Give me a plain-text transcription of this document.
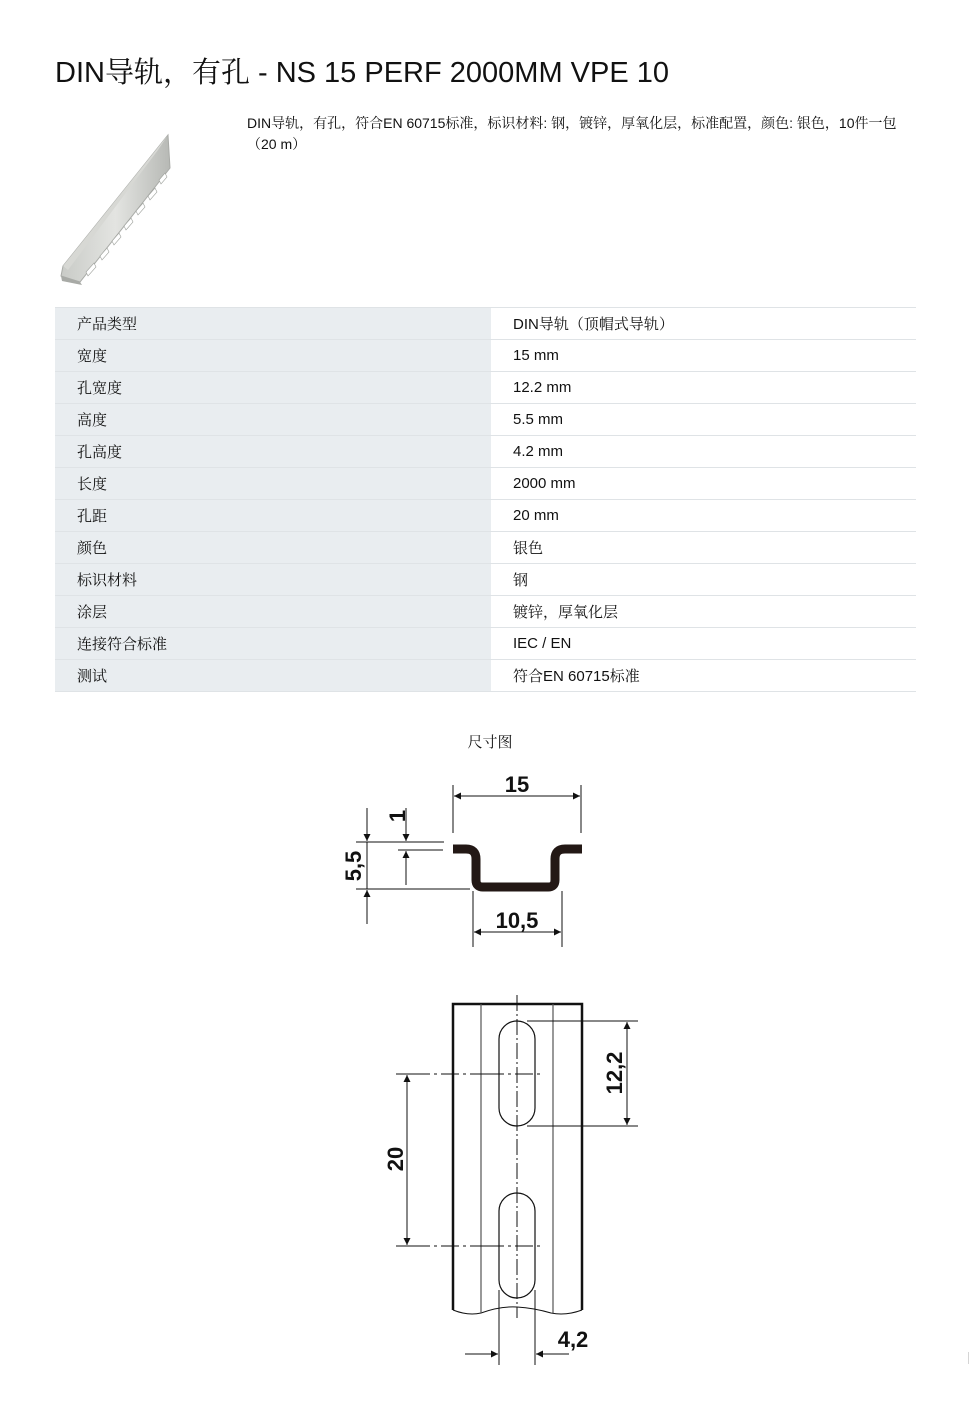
DIN导轨，有孔 - NS 15 PERF 2000MM VPE 10
DIN导轨，有孔，符合EN 60715标准，标识材料: 钢，镀锌，厚氧化层，标准配置，颜色: 银色，10件一包（20 m）
产品类型	DIN导轨（顶帽式导轨）
宽度	15 mm
孔宽度	12.2 mm
高度	5.5 mm
孔高度	4.2 mm
长度	2000 mm
孔距	20 mm
颜色	银色
标识材料	钢
涂层	镀锌，厚氧化层
连接符合标准	IEC / EN
测试	符合EN 60715标准
尺寸图
15
10,5
5,5
1
20
12,2
4,2
